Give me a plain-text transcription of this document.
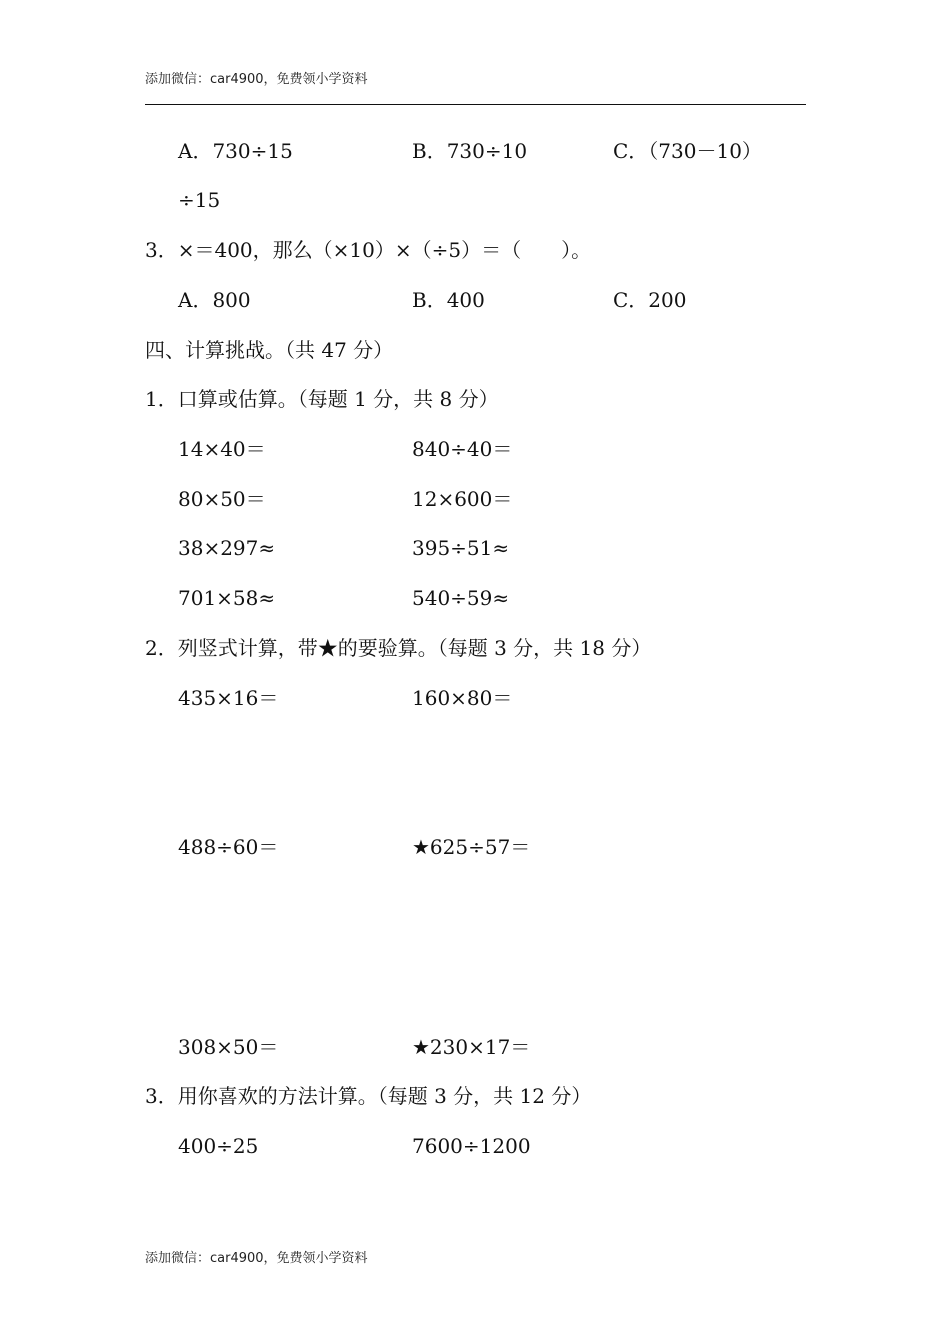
添加微信：car4900，免费领小学资料
A．730÷15	B．730÷10	C．（730－10）
÷15
3．×＝400，那么（×10）×（÷5）＝（　　）。
A．800	B．400	C．200
四、计算挑战。（共 47 分）
1．口算或估算。（每题 1 分，共 8 分）
14×40＝	840÷40＝
80×50＝	12×600＝
38×297≈	395÷51≈
701×58≈	540÷59≈
2．列竖式计算，带★的要验算。（每题 3 分，共 18 分）
435×16＝	160×80＝
488÷60＝	★625÷57＝
308×50＝	★230×17＝
3．用你喜欢的方法计算。（每题 3 分，共 12 分）
400÷25	7600÷1200
添加微信：car4900，免费领小学资料
